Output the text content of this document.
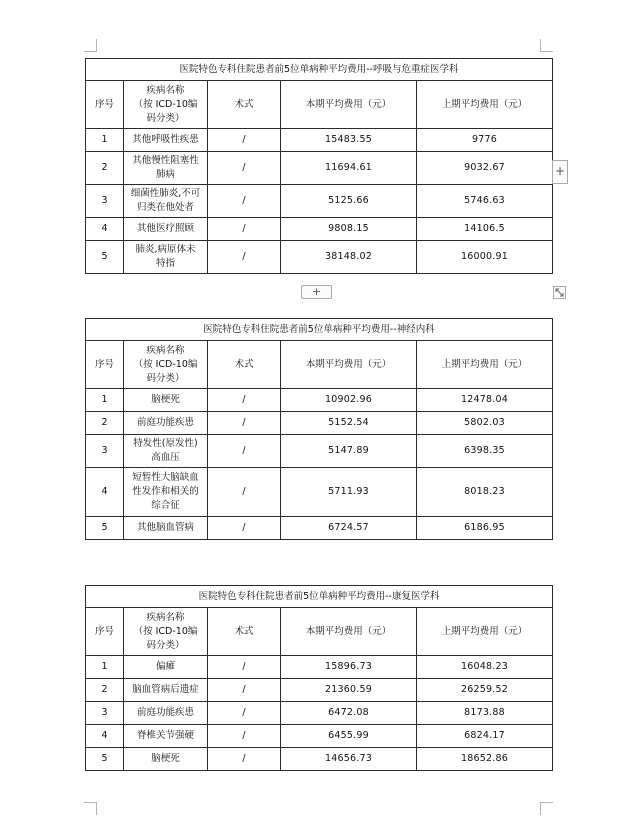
医院特色专科住院患者前5位单病种平均费用--呼吸与危重症医学科				
序号	疾病名称
（按 ICD-10编
码分类）	术式	本期平均费用（元）	上期平均费用（元）
1	其他呼吸性疾患	/	15483.55	9776
2	其他慢性阻塞性
肺病	/	11694.61	9032.67
3	细菌性肺炎,不可
归类在他处者	/	5125.66	5746.63
4	其他医疗照顾	/	9808.15	14106.5
5	肺炎,病原体未
特指	/	38148.02	16000.91
医院特色专科住院患者前5位单病种平均费用--神经内科				
序号	疾病名称
（按 ICD-10编
码分类）	术式	本期平均费用（元）	上期平均费用（元）
1	脑梗死	/	10902.96	12478.04
2	前庭功能疾患	/	5152.54	5802.03
3	特发性(原发性)
高血压	/	5147.89	6398.35
4	短暂性大脑缺血
性发作和相关的
综合征	/	5711.93	8018.23
5	其他脑血管病	/	6724.57	6186.95
医院特色专科住院患者前5位单病种平均费用--康复医学科				
序号	疾病名称
（按 ICD-10编
码分类）	术式	本期平均费用（元）	上期平均费用（元）
1	偏瘫	/	15896.73	16048.23
2	脑血管病后遗症	/	21360.59	26259.52
3	前庭功能疾患	/	6472.08	8173.88
4	脊椎关节强硬	/	6455.99	6824.17
5	脑梗死	/	14656.73	18652.86
+
+
